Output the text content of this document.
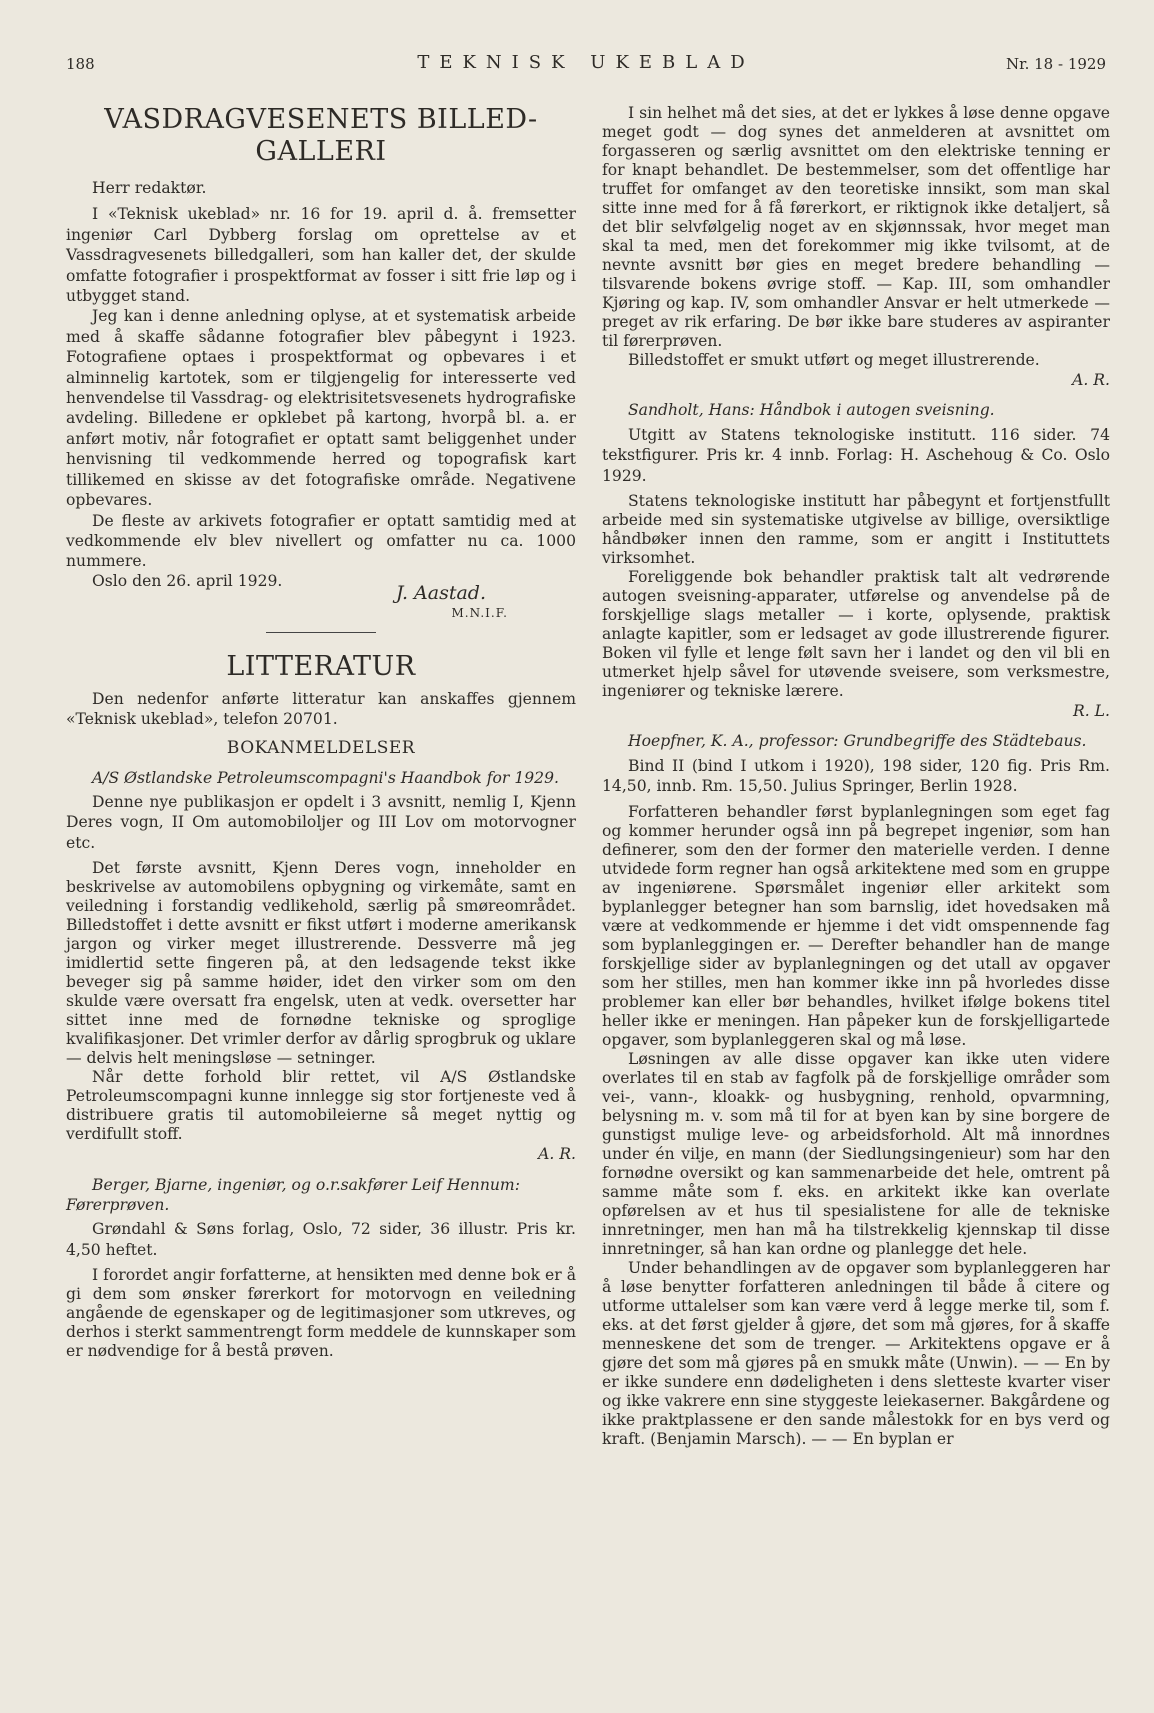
188	TEKNISK UKEBLAD	Nr. 18 - 1929
VASDRAGVESENETS BILLED-GALLERI

Herr redaktør.

I «Teknisk ukeblad» nr. 16 for 19. april d. å. fremsetter ingeniør Carl Dybberg forslag om oprettelse av et Vassdragvesenets billedgalleri, som han kaller det, der skulde omfatte fotografier i prospektformat av fosser i sitt frie løp og i utbygget stand.

Jeg kan i denne anledning oplyse, at et systematisk arbeide med å skaffe sådanne fotografier blev påbegynt i 1923. Fotografiene optaes i prospektformat og opbevares i et alminnelig kartotek, som er tilgjengelig for interesserte ved henvendelse til Vassdrag- og elektrisitetsvesenets hydrografiske avdeling. Billedene er opklebet på kartong, hvorpå bl. a. er anført motiv, når fotografiet er optatt samt beliggenhet under henvisning til vedkommende herred og topografisk kart tillikemed en skisse av det fotografiske område. Negativene opbevares.

De fleste av arkivets fotografier er optatt samtidig med at vedkommende elv blev nivellert og omfatter nu ca. 1000 nummere.

Oslo den 26. april 1929.
J. Aastad.
M.N.I.F.
LITTERATUR

Den nedenfor anførte litteratur kan anskaffes gjennem «Teknisk ukeblad», telefon 20701.

BOKANMELDELSER

A/S Østlandske Petroleumscompagni's Haandbok for 1929.

Denne nye publikasjon er opdelt i 3 avsnitt, nemlig I, Kjenn Deres vogn, II Om automobiloljer og III Lov om motorvogner etc.

Det første avsnitt, Kjenn Deres vogn, inneholder en beskrivelse av automobilens opbygning og virkemåte, samt en veiledning i forstandig vedlikehold, særlig på smøreområdet. Billedstoffet i dette avsnitt er fikst utført i moderne amerikansk jargon og virker meget illustrerende. Dessverre må jeg imidlertid sette fingeren på, at den ledsagende tekst ikke beveger sig på samme høider, idet den virker som om den skulde være oversatt fra engelsk, uten at vedk. oversetter har sittet inne med de fornødne tekniske og sproglige kvalifikasjoner. Det vrimler derfor av dårlig sprogbruk og uklare — delvis helt meningsløse — setninger.

Når dette forhold blir rettet, vil A/S Østlandske Petroleumscompagni kunne innlegge sig stor fortjeneste ved å distribuere gratis til automobileierne så meget nyttig og verdifullt stoff.

A. R.

Berger, Bjarne, ingeniør, og o.r.sakfører Leif Hennum: Førerprøven.

Grøndahl & Søns forlag, Oslo, 72 sider, 36 illustr. Pris kr. 4,50 heftet.

I forordet angir forfatterne, at hensikten med denne bok er å gi dem som ønsker førerkort for motorvogn en veiledning angående de egenskaper og de legitimasjoner som utkreves, og derhos i sterkt sammentrengt form meddele de kunnskaper som er nødvendige for å bestå prøven.

I sin helhet må det sies, at det er lykkes å løse denne opgave meget godt — dog synes det anmelderen at avsnittet om forgasseren og særlig avsnittet om den elektriske tenning er for knapt behandlet. De bestemmelser, som det offentlige har truffet for omfanget av den teoretiske innsikt, som man skal sitte inne med for å få førerkort, er riktignok ikke detaljert, så det blir selvfølgelig noget av en skjønnssak, hvor meget man skal ta med, men det forekommer mig ikke tvilsomt, at de nevnte avsnitt bør gies en meget bredere behandling — tilsvarende bokens øvrige stoff. — Kap. III, som omhandler Kjøring og kap. IV, som omhandler Ansvar er helt utmerkede — preget av rik erfaring. De bør ikke bare studeres av aspiranter til førerprøven.

Billedstoffet er smukt utført og meget illustrerende.

A. R.

Sandholt, Hans: Håndbok i autogen sveisning.

Utgitt av Statens teknologiske institutt. 116 sider. 74 tekstfigurer. Pris kr. 4 innb. Forlag: H. Aschehoug & Co. Oslo 1929.

Statens teknologiske institutt har påbegynt et fortjenstfullt arbeide med sin systematiske utgivelse av billige, oversiktlige håndbøker innen den ramme, som er angitt i Instituttets virksomhet.

Foreliggende bok behandler praktisk talt alt vedrørende autogen sveisning-apparater, utførelse og anvendelse på de forskjellige slags metaller — i korte, oplysende, praktisk anlagte kapitler, som er ledsaget av gode illustrerende figurer. Boken vil fylle et lenge følt savn her i landet og den vil bli en utmerket hjelp såvel for utøvende sveisere, som verksmestre, ingeniører og tekniske lærere.

R. L.

Hoepfner, K. A., professor: Grundbegriffe des Städtebaus.

Bind II (bind I utkom i 1920), 198 sider, 120 fig. Pris Rm. 14,50, innb. Rm. 15,50. Julius Springer, Berlin 1928.

Forfatteren behandler først byplanlegningen som eget fag og kommer herunder også inn på begrepet ingeniør, som han definerer, som den der former den materielle verden. I denne utvidede form regner han også arkitektene med som en gruppe av ingeniørene. Spørsmålet ingeniør eller arkitekt som byplanlegger betegner han som barnslig, idet hovedsaken må være at vedkommende er hjemme i det vidt omspennende fag som byplanleggingen er. — Derefter behandler han de mange forskjellige sider av byplanlegningen og det utall av opgaver som her stilles, men han kommer ikke inn på hvorledes disse problemer kan eller bør behandles, hvilket ifølge bokens titel heller ikke er meningen. Han påpeker kun de forskjelligartede opgaver, som byplanleggeren skal og må løse.

Løsningen av alle disse opgaver kan ikke uten videre overlates til en stab av fagfolk på de forskjellige områder som vei-, vann-, kloakk- og husbygning, renhold, opvarmning, belysning m. v. som må til for at byen kan by sine borgere de gunstigst mulige leve- og arbeidsforhold. Alt må innordnes under én vilje, en mann (der Siedlungsingenieur) som har den fornødne oversikt og kan sammenarbeide det hele, omtrent på samme måte som f. eks. en arkitekt ikke kan overlate opførelsen av et hus til spesialistene for alle de tekniske innretninger, men han må ha tilstrekkelig kjennskap til disse innretninger, så han kan ordne og planlegge det hele.

Under behandlingen av de opgaver som byplanleggeren har å løse benytter forfatteren anledningen til både å citere og utforme uttalelser som kan være verd å legge merke til, som f. eks. at det først gjelder å gjøre, det som må gjøres, for å skaffe menneskene det som de trenger. — Arkitektens opgave er å gjøre det som må gjøres på en smukk måte (Unwin). — — En by er ikke sundere enn dødeligheten i dens sletteste kvarter viser og ikke vakrere enn sine styggeste leiekaserner. Bakgårdene og ikke praktplassene er den sande målestokk for en bys verd og kraft. (Benjamin Marsch). — — En byplan er
